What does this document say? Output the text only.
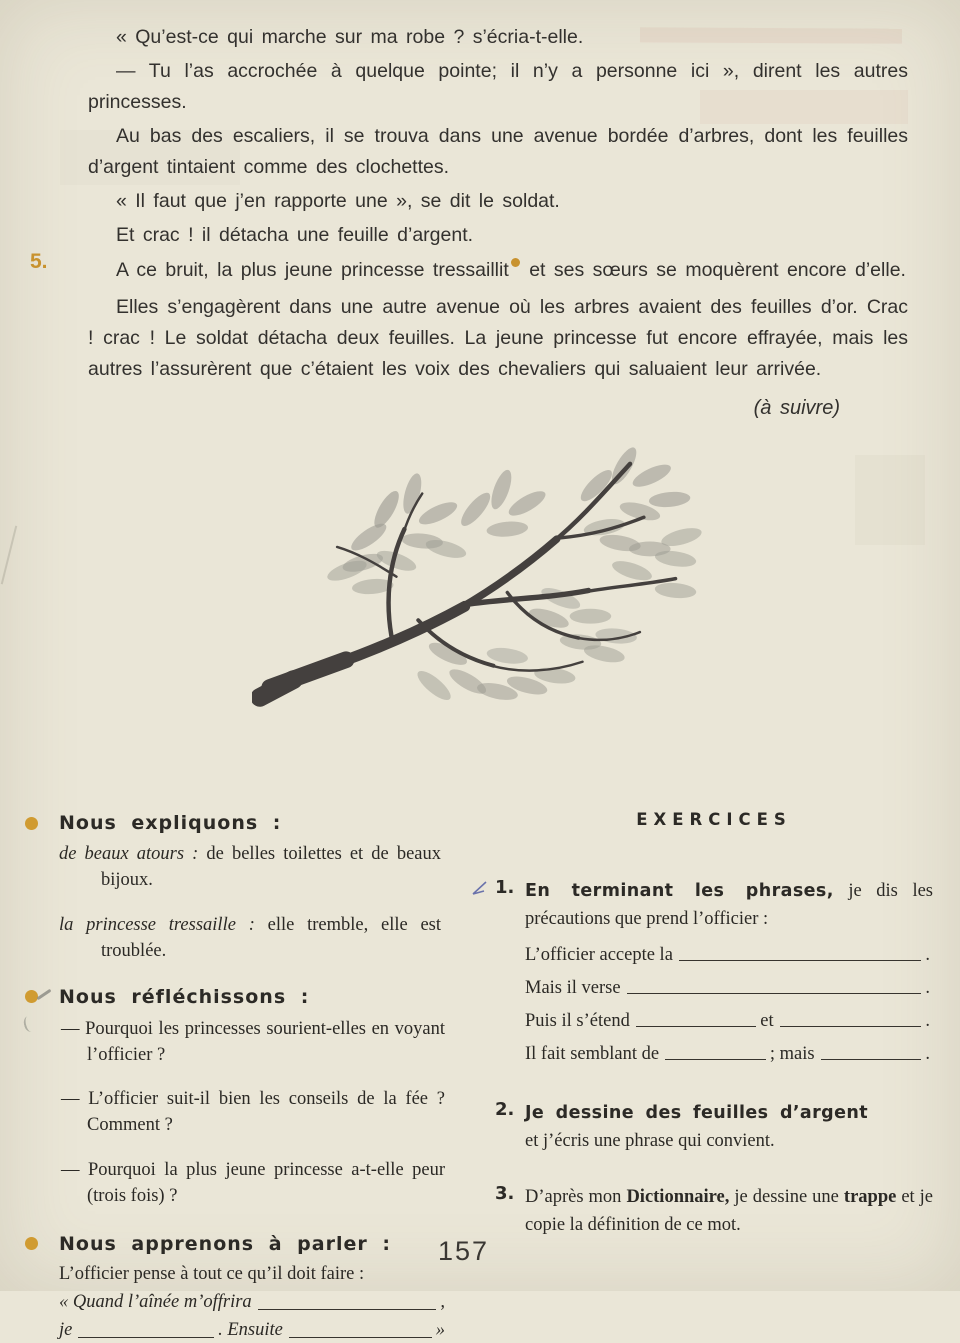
5.

« Qu’est-ce qui marche sur ma robe ? s’écria-t-elle.

— Tu l’as accrochée à quelque pointe; il n’y a personne ici », dirent les autres princesses.

Au bas des escaliers, il se trouva dans une avenue bordée d’arbres, dont les feuilles d’argent tintaient comme des clochettes.

« Il faut que j’en rapporte une », se dit le soldat.

Et crac ! il détacha une feuille d’argent.

A ce bruit, la plus jeune princesse tressaillit et ses sœurs se moquèrent encore d’elle.

Elles s’engagèrent dans une autre avenue où les arbres avaient des feuilles d’or. Crac ! crac ! Le soldat détacha deux feuilles. La jeune princesse fut encore effrayée, mais les autres l’assurèrent que c’étaient les voix des chevaliers qui saluaient leur arrivée.

(à suivre)
Nous expliquons :

de beaux atours : de belles toilettes et de beaux bijoux.

la princesse tressaille : elle tremble, elle est troublée.

Nous réfléchissons :

— Pourquoi les princesses sourient-elles en voyant l’officier ?

— L’officier suit-il bien les conseils de la fée ? Comment ?

— Pourquoi la plus jeune princesse a-t-elle peur (trois fois) ?

Nous apprenons à parler :

L’officier pense à tout ce qu’il doit faire :

« Quand l’aînée m’offrira	,
je	. Ensuite	»
EXERCICES
1. En terminant les phrases, je dis les précautions que prend l’officier :
L’officier accepte la	.
Mais il verse	.
Puis il s’étend	et	.
Il fait semblant de	; mais	.
2. Je dessine des feuilles d’argent
et j’écris une phrase qui convient.
3. D’après mon Dictionnaire, je dessine une trappe et je copie la définition de ce mot.
157
